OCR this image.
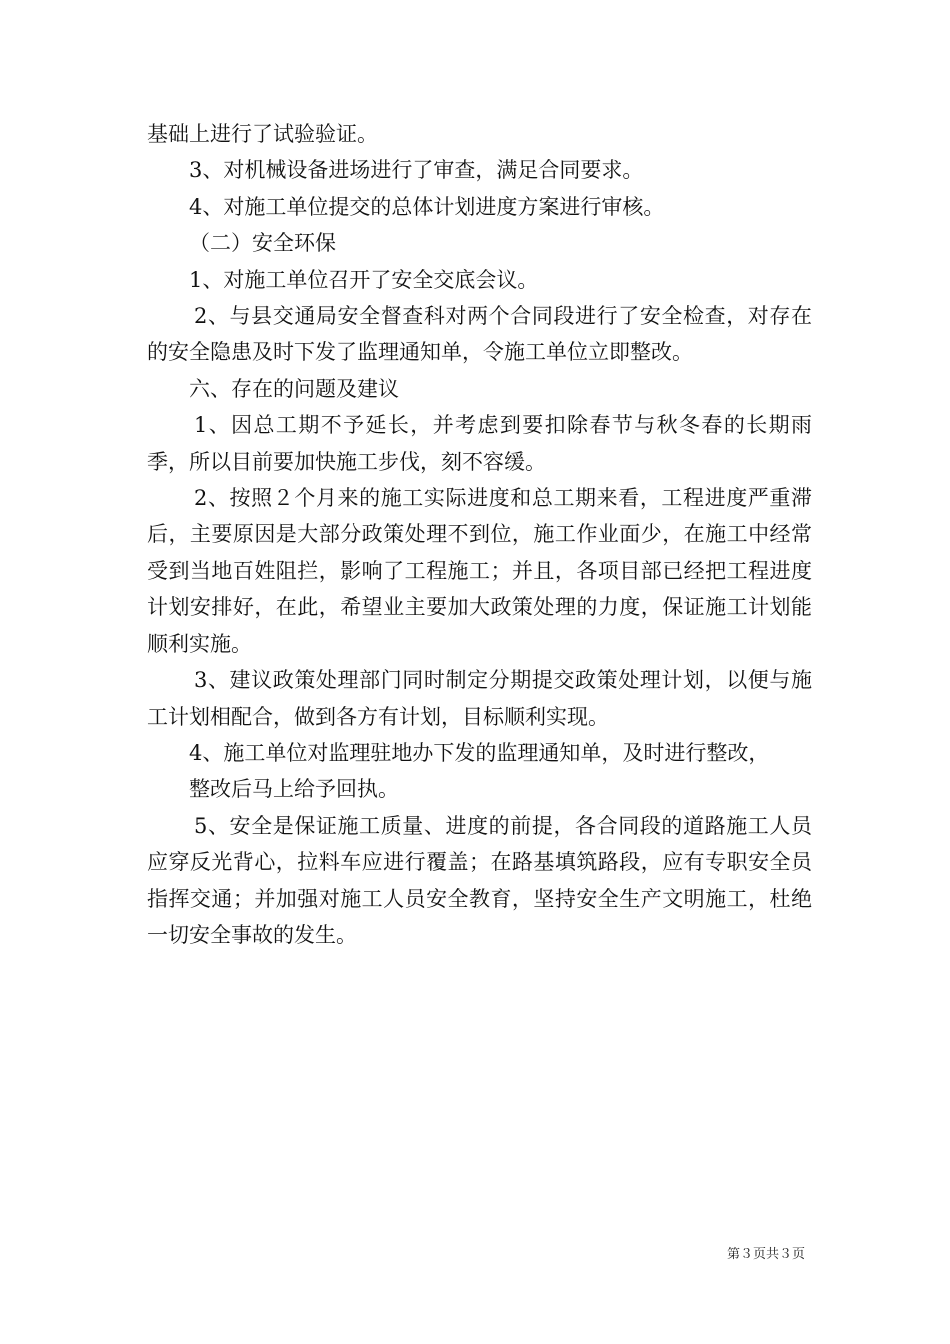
基础上进行了试验验证。

3、对机械设备进场进行了审查，满足合同要求。

4、对施工单位提交的总体计划进度方案进行审核。

（二）安全环保

1、对施工单位召开了安全交底会议。

2、与县交通局安全督查科对两个合同段进行了安全检查，对存在的安全隐患及时下发了监理通知单，令施工单位立即整改。

六、存在的问题及建议

1、因总工期不予延长，并考虑到要扣除春节与秋冬春的长期雨季，所以目前要加快施工步伐，刻不容缓。

2、按照２个月来的施工实际进度和总工期来看，工程进度严重滞后，主要原因是大部分政策处理不到位，施工作业面少，在施工中经常受到当地百姓阻拦，影响了工程施工；并且，各项目部已经把工程进度计划安排好，在此，希望业主要加大政策处理的力度，保证施工计划能顺利实施。

3、建议政策处理部门同时制定分期提交政策处理计划，以便与施工计划相配合，做到各方有计划，目标顺利实现。

4、施工单位对监理驻地办下发的监理通知单，及时进行整改，

整改后马上给予回执。

5、安全是保证施工质量、进度的前提，各合同段的道路施工人员应穿反光背心，拉料车应进行覆盖；在路基填筑路段，应有专职安全员指挥交通；并加强对施工人员安全教育，坚持安全生产文明施工，杜绝一切安全事故的发生。

第３页共３页
